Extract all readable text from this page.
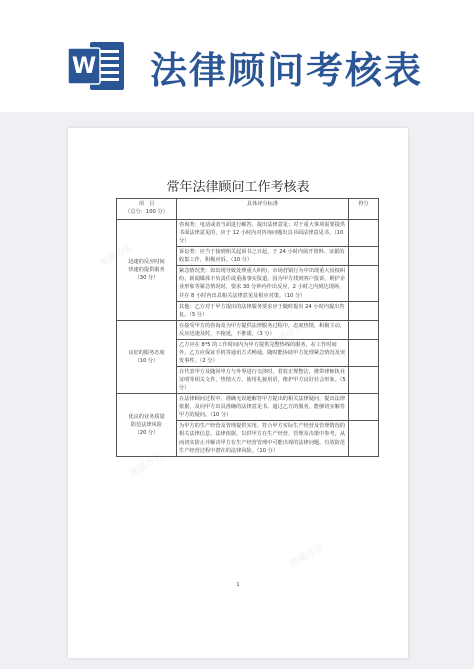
W 法律顾问考核表
熊猫办公
熊猫办公
熊猫办公
熊猫办公
常年法律顾问工作考核表
项　目
（总分：100 分）	具体评分标准	得分

迅速的反应时间
快速的提供服务
（30 分）	咨询类：电话或者当面进行解答，提出法律意见；对于重大事项需要提供书面法律意见的，应于 12 小时内对咨询问题出具书面法律意见书。（10 分）	
	诉讼类：应当于接到相关起诉书之日起，于 24 小时内展开资料、证据的收集工作，积极应诉。（10 分）	
	紧急情况类：如出现导致处理重大纠纷、市场营销行为中出现重大侵权纠纷、新闻媒体不负责任或重曲事实报道，因为甲方找到客户投诉，维护企业形象等紧急情况时，要求 30 分钟内作出反应，2 小时之内到达现场，并在 8 小时内出具相关法律意见及相应对策。（10 分）	
	其他：乙方对于甲方提出的法律服务要求应于随时提出 24 小时内提出答复。（5 分）	

良好的服务态度
（10 分）	在接受甲方的咨询及为甲方提供法律服务过程中，态度热情，积极主动，反应迅速及时，不拖延，不推诿。（3 分）	
	乙方应在 8*5 的工作时间内为甲方提供完整热线的服务，在工作时间外，乙方应保证手机等通讯方式畅通，随时能协助甲方处理紧急情况及突发事件。（2 分）	
	在代表甲方及随同甲方与外界进行交涉时，着装正规整洁，携带律师执业证明等相关文件，热情大方，使用礼貌用语，维护甲方良好社会形象。（5 分）	

优良的业务质量
防范法律风险
（20 分）	在法律顾问过程中，准确无误地解答甲方提出的相关法律疑问，提出法律依据，及向甲方出具准确的法律意见书。通过乙方的服务，能够切实解答甲方的疑问。（10 分）	
	为甲方的生产经营及管理提供实用，符合甲方实际生产经营及管理情况的相关法律信息、法律依据，以供甲方在生产经营、管理及决策中参考，从而切实防止并解决甲方在生产经营管理中可能出现的法律问题，有效防范生产经营过程中潜在的法律风险。（10 分）	
1
